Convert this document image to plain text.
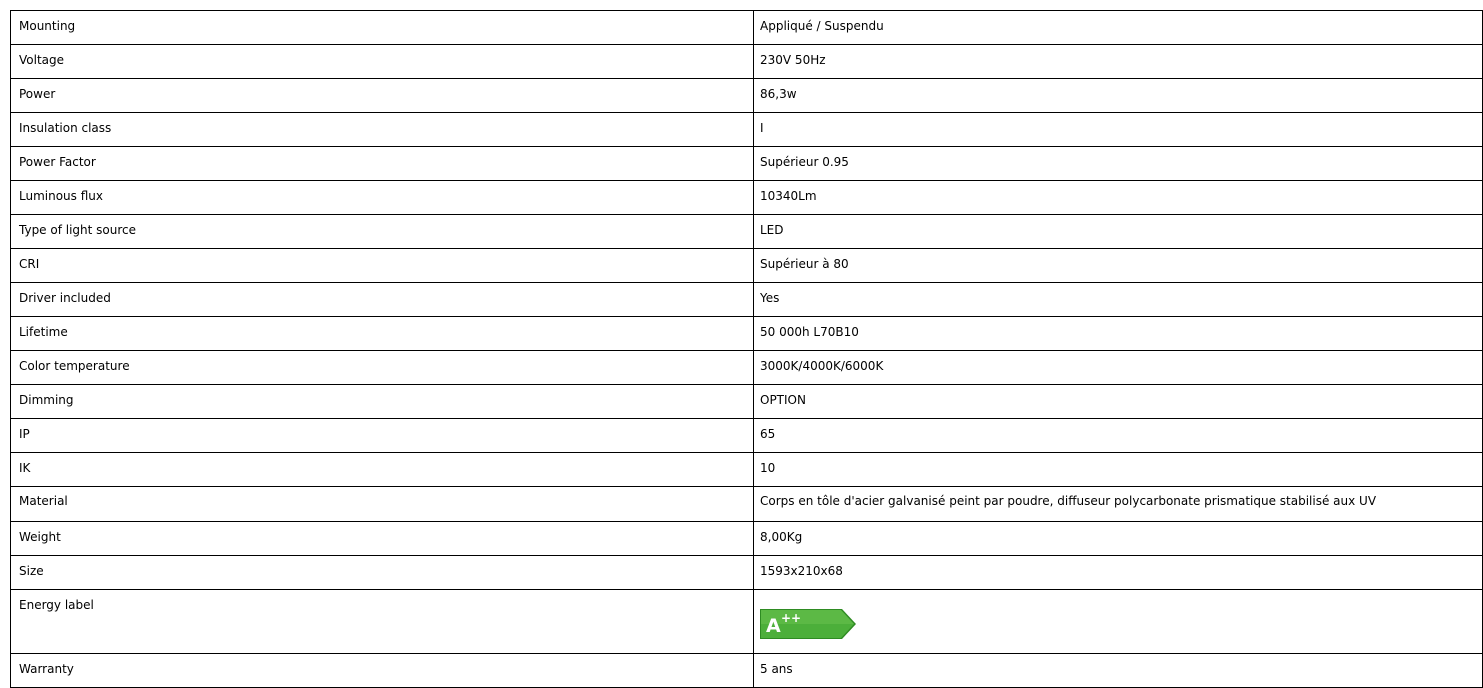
Mounting	Appliqué / Suspendu
Voltage	230V 50Hz
Power	86,3w
Insulation class	I
Power Factor	Supérieur 0.95
Luminous flux	10340Lm
Type of light source	LED
CRI	Supérieur à 80
Driver included	Yes
Lifetime	50 000h L70B10
Color temperature	3000K/4000K/6000K
Dimming	OPTION
IP	65
IK	10
Material	Corps en tôle d'acier galvanisé peint par poudre, diffuseur polycarbonate prismatique stabilisé aux UV
Weight	8,00Kg
Size	1593x210x68
Energy label	A ++

Warranty	5 ans
